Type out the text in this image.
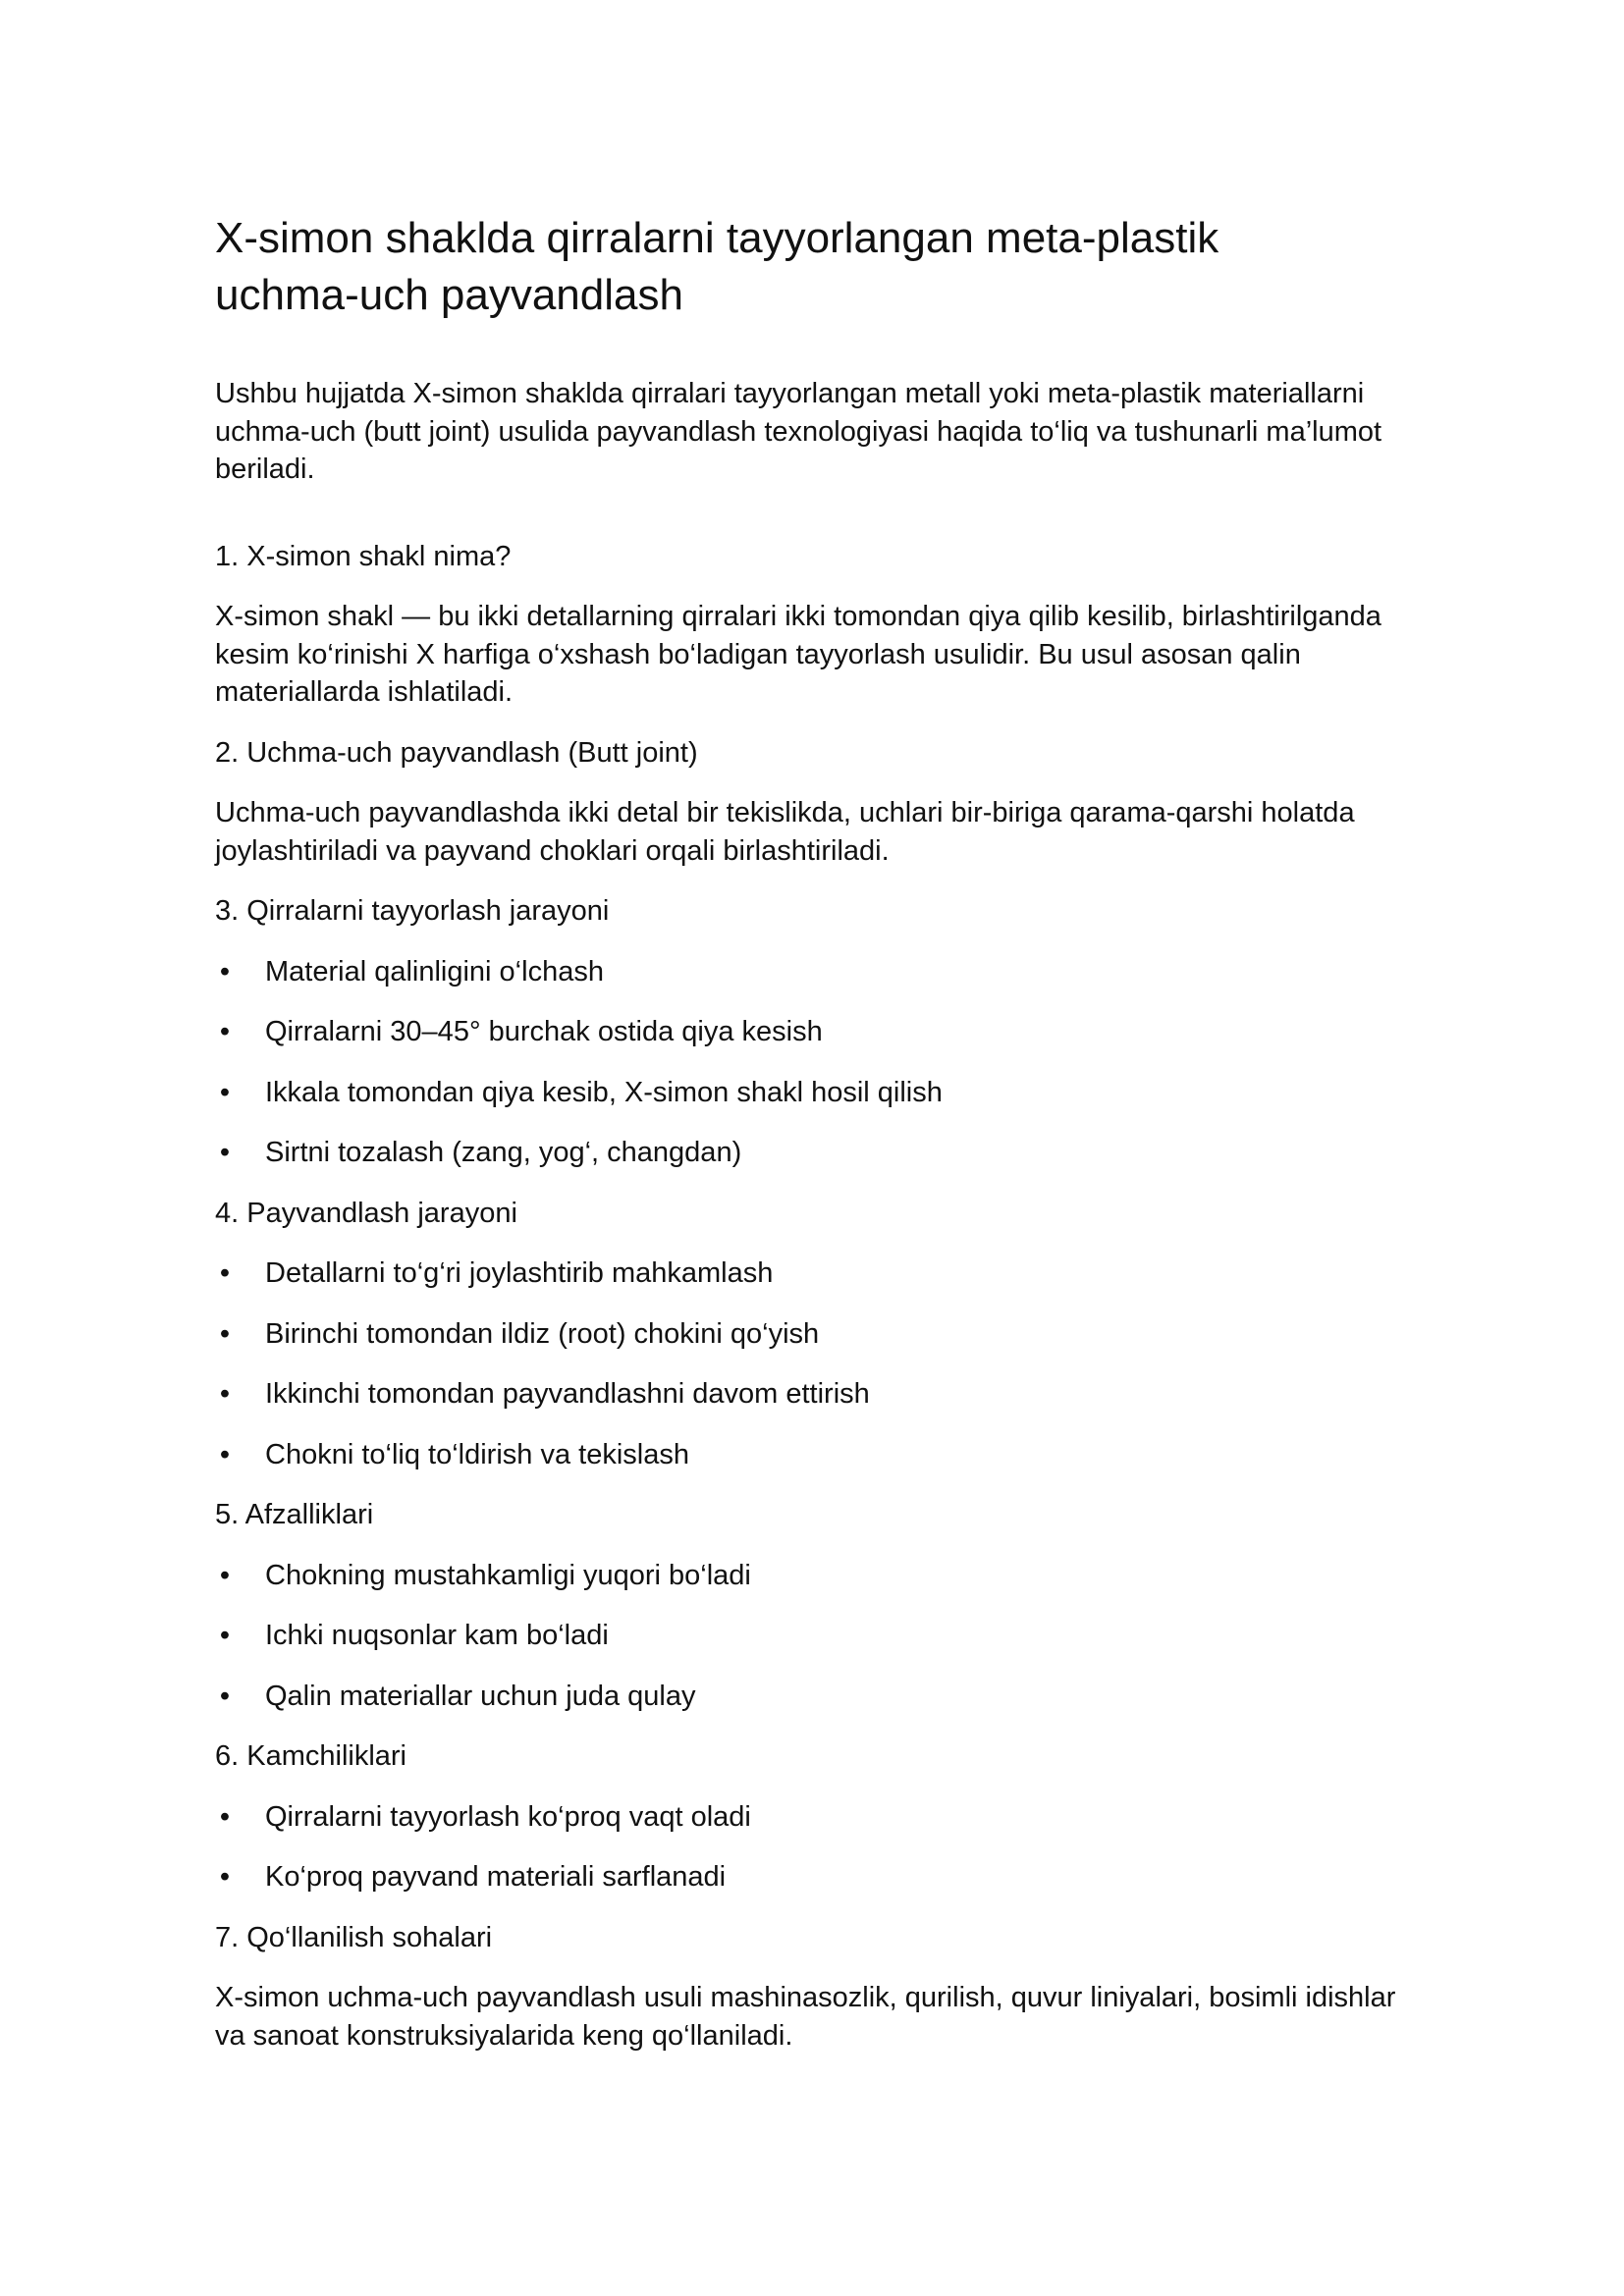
X-simon shaklda qirralarni tayyorlangan meta-plastik uchma-uch payvandlash

Ushbu hujjatda X-simon shaklda qirralari tayyorlangan metall yoki meta-plastik materiallarni uchma-uch (butt joint) usulida payvandlash texnologiyasi haqida to‘liq va tushunarli ma’lumot beriladi.

1. X-simon shakl nima?

X-simon shakl — bu ikki detallarning qirralari ikki tomondan qiya qilib kesilib, birlashtirilganda kesim ko‘rinishi X harfiga o‘xshash bo‘ladigan tayyorlash usulidir. Bu usul asosan qalin materiallarda ishlatiladi.

2. Uchma-uch payvandlash (Butt joint)

Uchma-uch payvandlashda ikki detal bir tekislikda, uchlari bir-biriga qarama-qarshi holatda joylashtiriladi va payvand choklari orqali birlashtiriladi.

3. Qirralarni tayyorlash jarayoni

• Material qalinligini o‘lchash
• Qirralarni 30–45° burchak ostida qiya kesish
• Ikkala tomondan qiya kesib, X-simon shakl hosil qilish
• Sirtni tozalash (zang, yog‘, changdan)

4. Payvandlash jarayoni

• Detallarni to‘g‘ri joylashtirib mahkamlash
• Birinchi tomondan ildiz (root) chokini qo‘yish
• Ikkinchi tomondan payvandlashni davom ettirish
• Chokni to‘liq to‘ldirish va tekislash

5. Afzalliklari

• Chokning mustahkamligi yuqori bo‘ladi
• Ichki nuqsonlar kam bo‘ladi
• Qalin materiallar uchun juda qulay

6. Kamchiliklari

• Qirralarni tayyorlash ko‘proq vaqt oladi
• Ko‘proq payvand materiali sarflanadi

7. Qo‘llanilish sohalari

X-simon uchma-uch payvandlash usuli mashinasozlik, qurilish, quvur liniyalari, bosimli idishlar va sanoat konstruksiyalarida keng qo‘llaniladi.
